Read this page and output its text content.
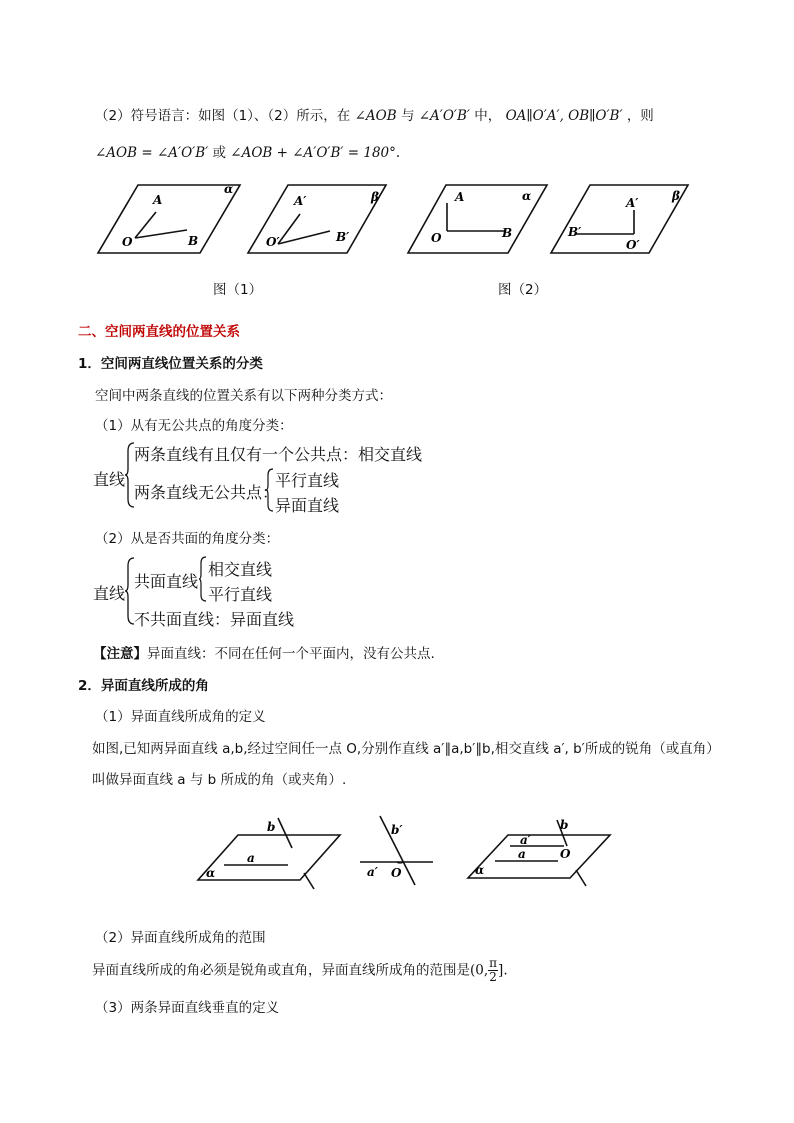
（2）符号语言：如图（1）、（2）所示，在 ∠AOB 与 ∠A′O′B′ 中， OA∥O′A′, OB∥O′B′ ，则
∠AOB = ∠A′O′B′ 或 ∠AOB + ∠A′O′B′ = 180°.
A
O	B
α
A′
O′	B′
β	A
O	B
α	A′
O′
B′
β
图（1）	图（2）
二、空间两直线的位置关系
1．空间两直线位置关系的分类
空间中两条直线的位置关系有以下两种分类方式：
（1）从有无公共点的角度分类：
直线
两条直线有且仅有一个公共点：相交直线
两条直线无公共点：
平行直线
异面直线
（2）从是否共面的角度分类：
直线
共面直线
相交直线
平行直线
不共面直线：异面直线
【注意】异面直线：不同在任何一个平面内，没有公共点.
2．异面直线所成的角
（1）异面直线所成角的定义
如图,已知两异面直线 a,b,经过空间任一点 O,分别作直线 a′∥a,b′∥b,相交直线 a′, b′所成的锐角（或直角）
叫做异面直线 a 与 b 所成的角（或夹角）.
b
a
α
b′
a′ O
b
a′
a	O
α
（2）异面直线所成角的范围
异面直线所成的角必须是锐角或直角，异面直线所成角的范围是(0, $\frac{\pi}{2}$ ].
（3）两条异面直线垂直的定义
